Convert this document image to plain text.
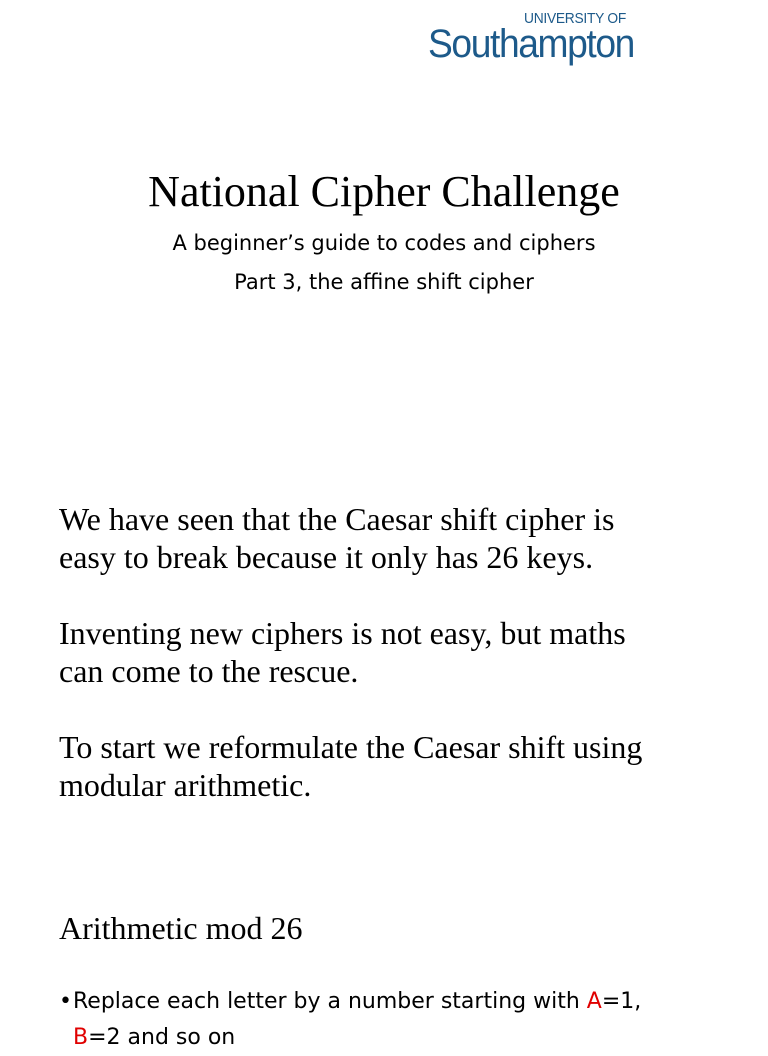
UNIVERSITY OF
Southampton
National Cipher Challenge
A beginner’s guide to codes and ciphers
Part 3, the affine shift cipher

We have seen that the Caesar shift cipher is
easy to break because it only has 26 keys.

Inventing new ciphers is not easy, but maths
can come to the rescue.

To start we reformulate the Caesar shift using
modular arithmetic.

Arithmetic mod 26
•Replace each letter by a number starting with A=1,
B=2 and so on
